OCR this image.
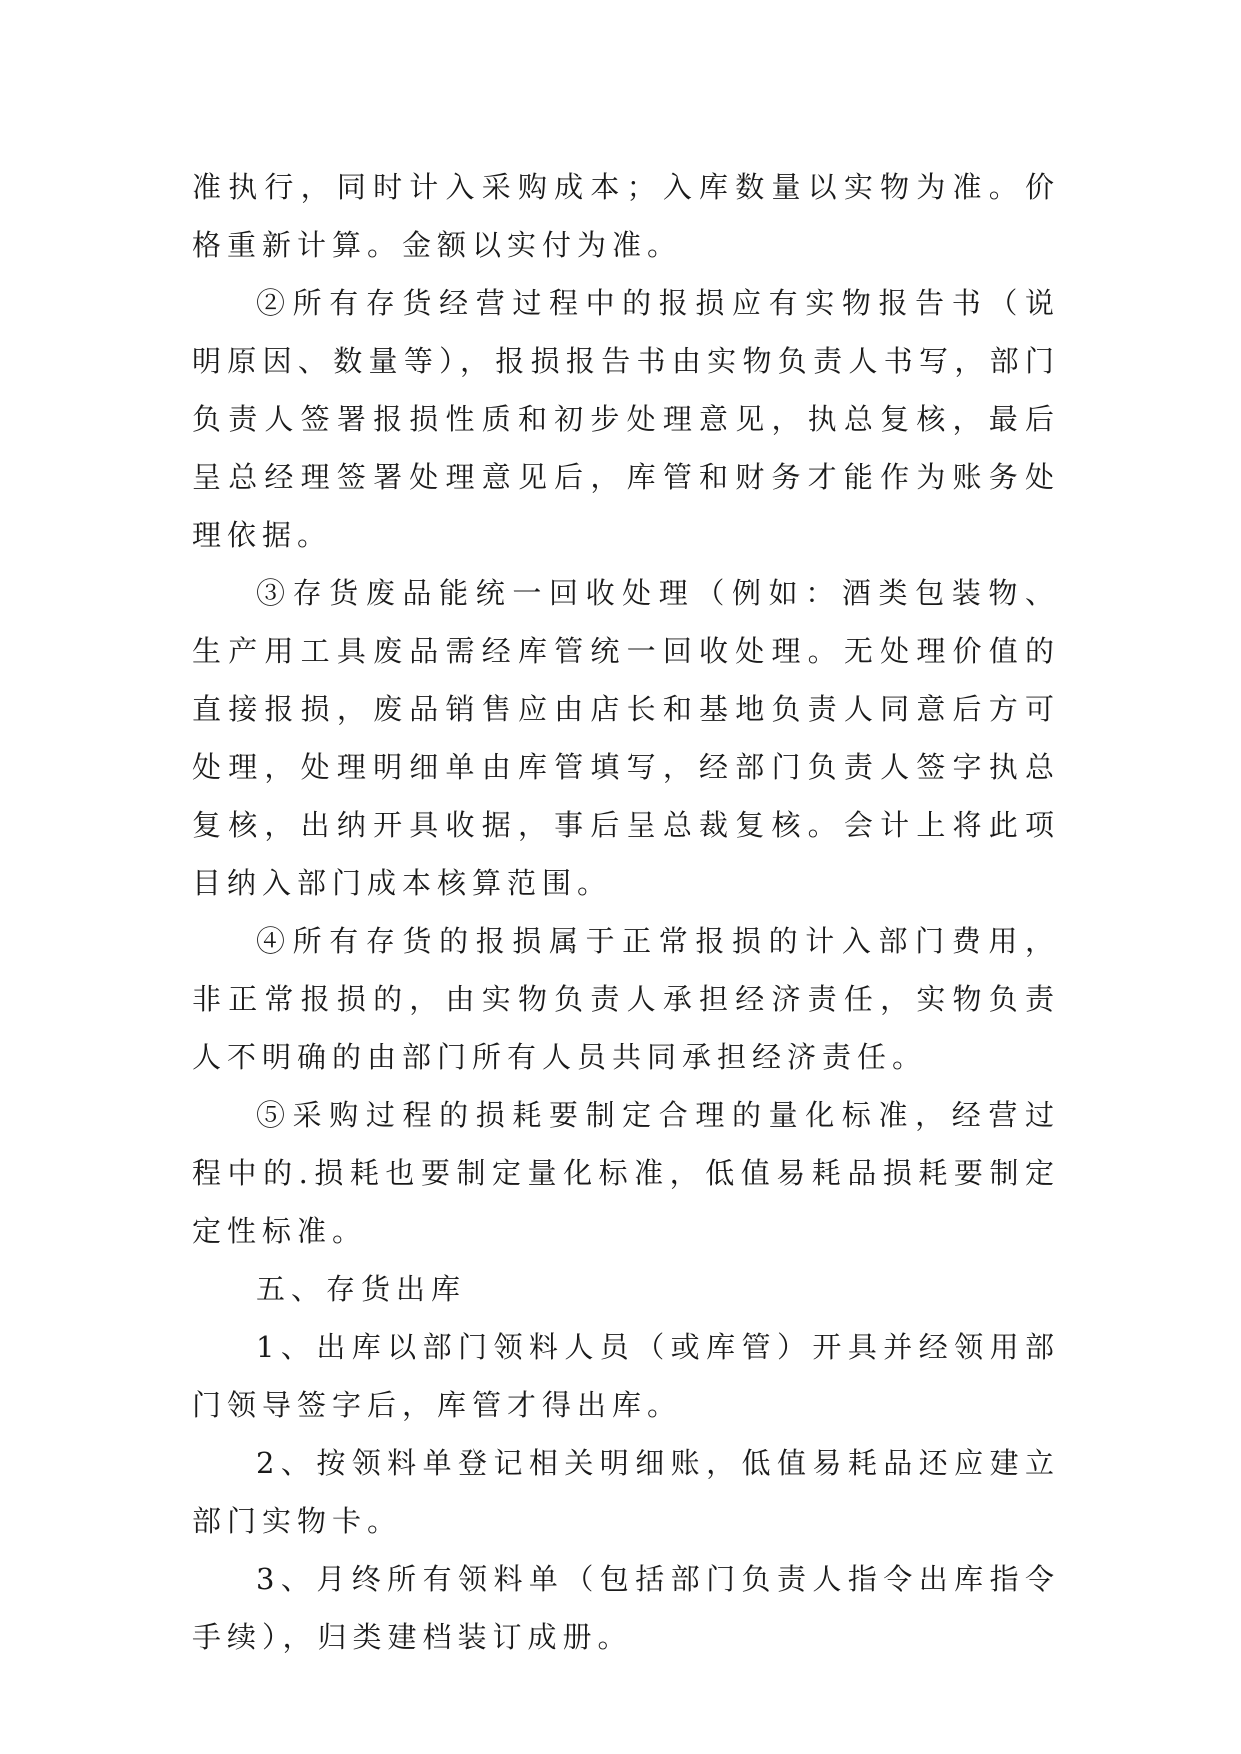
准执行，同时计入采购成本；入库数量以实物为准。价格重新计算。金额以实付为准。

②所有存货经营过程中的报损应有实物报告书（说明原因、数量等），报损报告书由实物负责人书写，部门负责人签署报损性质和初步处理意见，执总复核，最后呈总经理签署处理意见后，库管和财务才能作为账务处理依据。

③存货废品能统一回收处理（例如：酒类包装物、生产用工具废品需经库管统一回收处理。无处理价值的直接报损，废品销售应由店长和基地负责人同意后方可处理，处理明细单由库管填写，经部门负责人签字执总复核，出纳开具收据，事后呈总裁复核。会计上将此项目纳入部门成本核算范围。

④所有存货的报损属于正常报损的计入部门费用，非正常报损的，由实物负责人承担经济责任，实物负责人不明确的由部门所有人员共同承担经济责任。

⑤采购过程的损耗要制定合理的量化标准，经营过程中的.损耗也要制定量化标准，低值易耗品损耗要制定定性标准。

五、存货出库

1、出库以部门领料人员（或库管）开具并经领用部门领导签字后，库管才得出库。

2、按领料单登记相关明细账，低值易耗品还应建立部门实物卡。

3、月终所有领料单（包括部门负责人指令出库指令手续），归类建档装订成册。
